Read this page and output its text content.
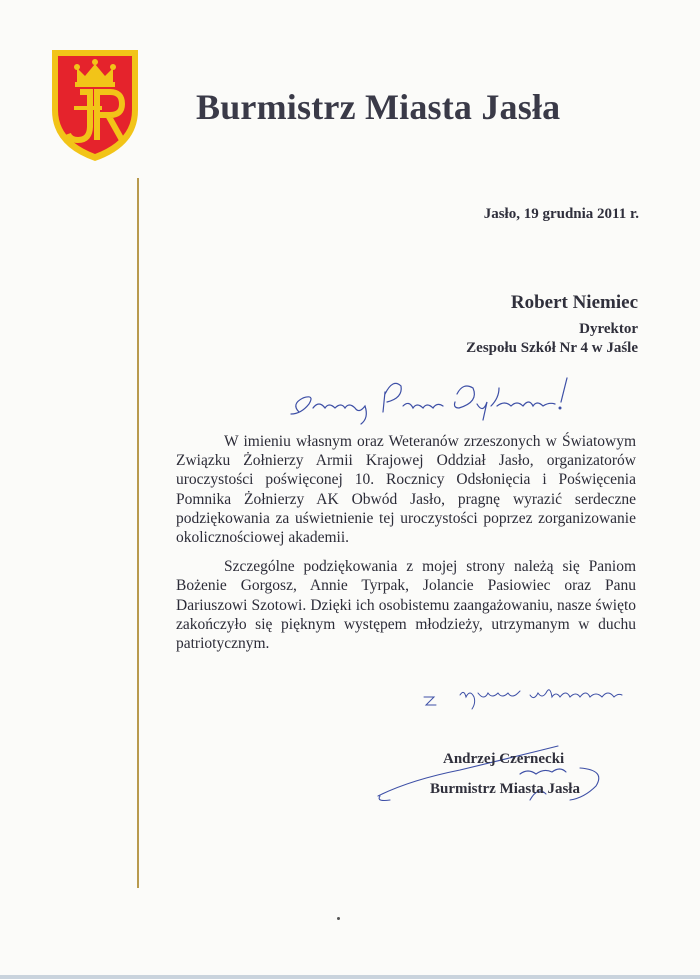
Burmistrz Miasta Jasła
Jasło, 19 grudnia 2011 r.
Robert Niemiec
Dyrektor
Zespołu Szkół Nr 4 w Jaśle

W imieniu własnym oraz Weteranów zrzeszonych w Światowym Związku Żołnierzy Armii Krajowej Oddział Jasło, organizatorów uroczystości poświęconej 10. Rocznicy Odsłonięcia i Poświęcenia Pomnika Żołnierzy AK Obwód Jasło, pragnę wyrazić serdeczne podziękowania za uświetnienie tej uroczystości poprzez zorganizowanie okolicznościowej akademii.

Szczególne podziękowania z mojej strony należą się Paniom Bożenie Gorgosz, Annie Tyrpak, Jolancie Pasiowiec oraz Panu Dariuszowi Szotowi. Dzięki ich osobistemu zaangażowaniu, nasze święto zakończyło się pięknym występem młodzieży, utrzymanym w duchu patriotycznym.

Andrzej Czernecki
Burmistrz Miasta Jasła
